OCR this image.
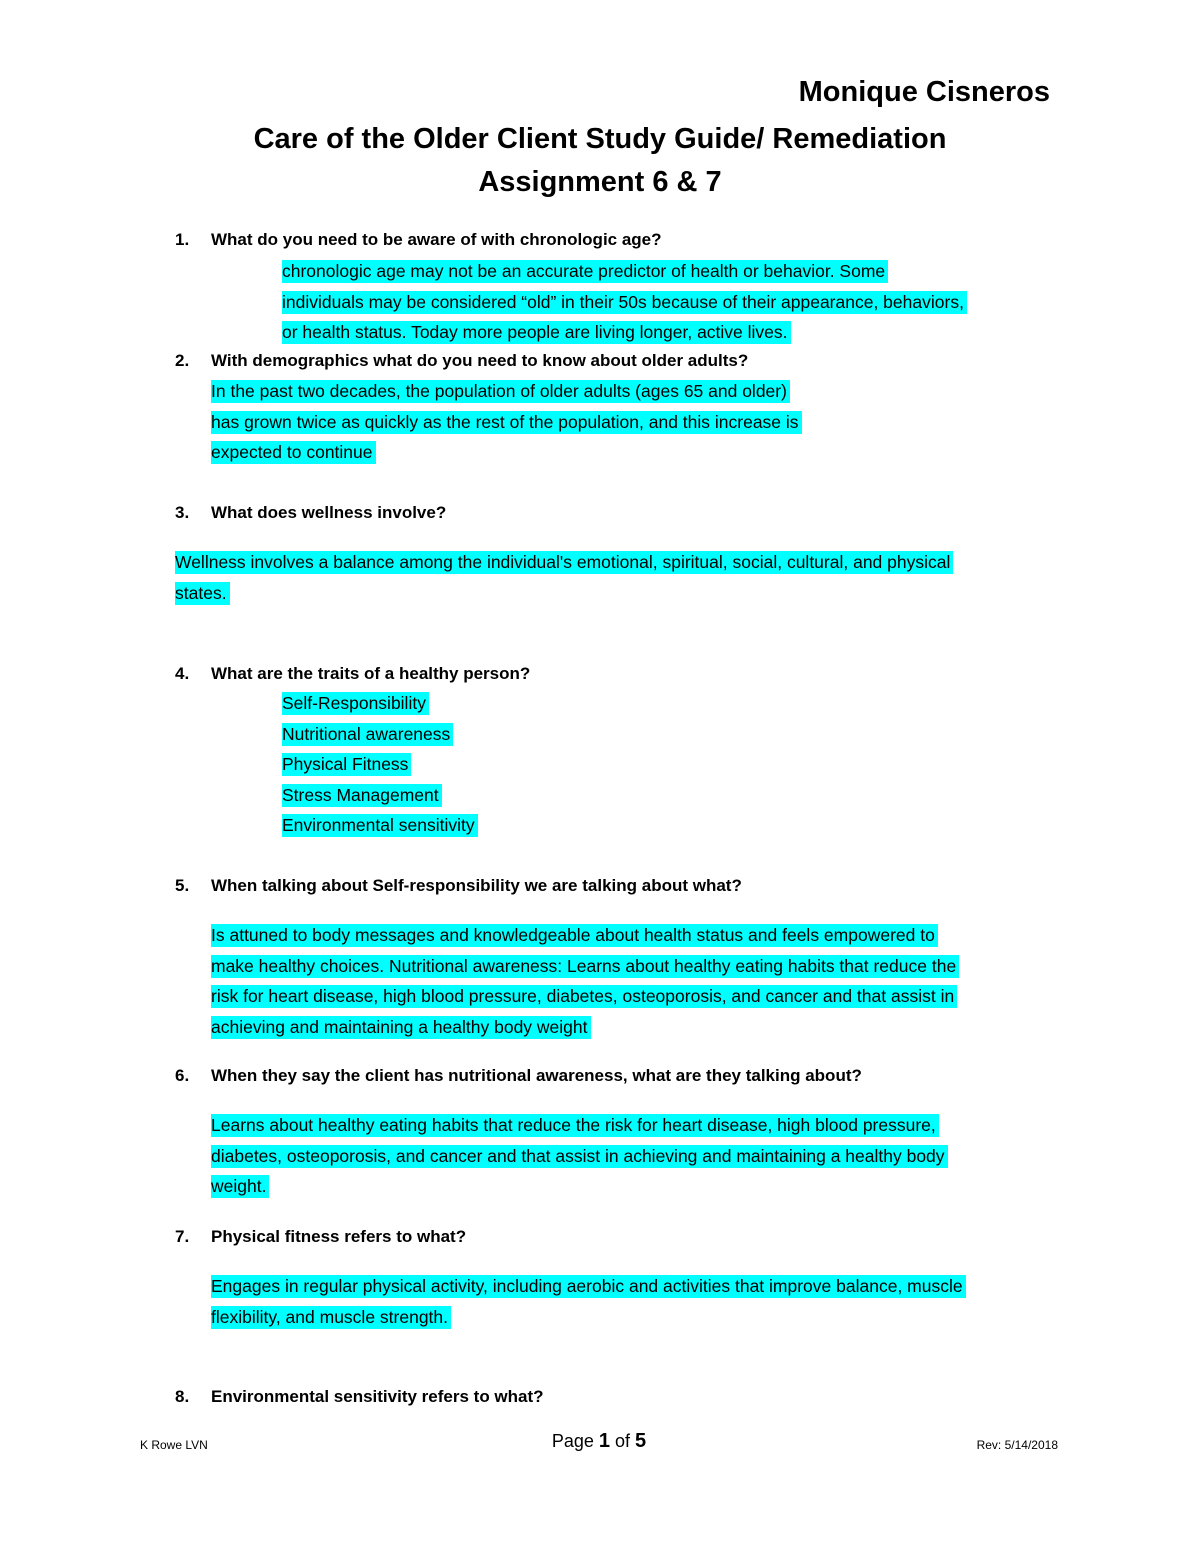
Monique Cisneros

Care of the Older Client Study Guide/ Remediation
Assignment 6 & 7

1. What do you need to be aware of with chronologic age?

chronologic age may not be an accurate predictor of health or behavior. Some
individuals may be considered “old” in their 50s because of their appearance, behaviors,
or health status. Today more people are living longer, active lives.

2. With demographics what do you need to know about older adults?

In the past two decades, the population of older adults (ages 65 and older)
has grown twice as quickly as the rest of the population, and this increase is
expected to continue

3. What does wellness involve?

Wellness involves a balance among the individual's emotional, spiritual, social, cultural, and physical
states.

4. What are the traits of a healthy person?

Self-Responsibility
Nutritional awareness
Physical Fitness
Stress Management
Environmental sensitivity

5. When talking about Self-responsibility we are talking about what?

Is attuned to body messages and knowledgeable about health status and feels empowered to
make healthy choices. Nutritional awareness: Learns about healthy eating habits that reduce the
risk for heart disease, high blood pressure, diabetes, osteoporosis, and cancer and that assist in
achieving and maintaining a healthy body weight

6. When they say the client has nutritional awareness, what are they talking about?

Learns about healthy eating habits that reduce the risk for heart disease, high blood pressure,
diabetes, osteoporosis, and cancer and that assist in achieving and maintaining a healthy body
weight.

7. Physical fitness refers to what?

Engages in regular physical activity, including aerobic and activities that improve balance, muscle
flexibility, and muscle strength.

8. Environmental sensitivity refers to what?

K Rowe LVN	Page 1 of 5	Rev: 5/14/2018
